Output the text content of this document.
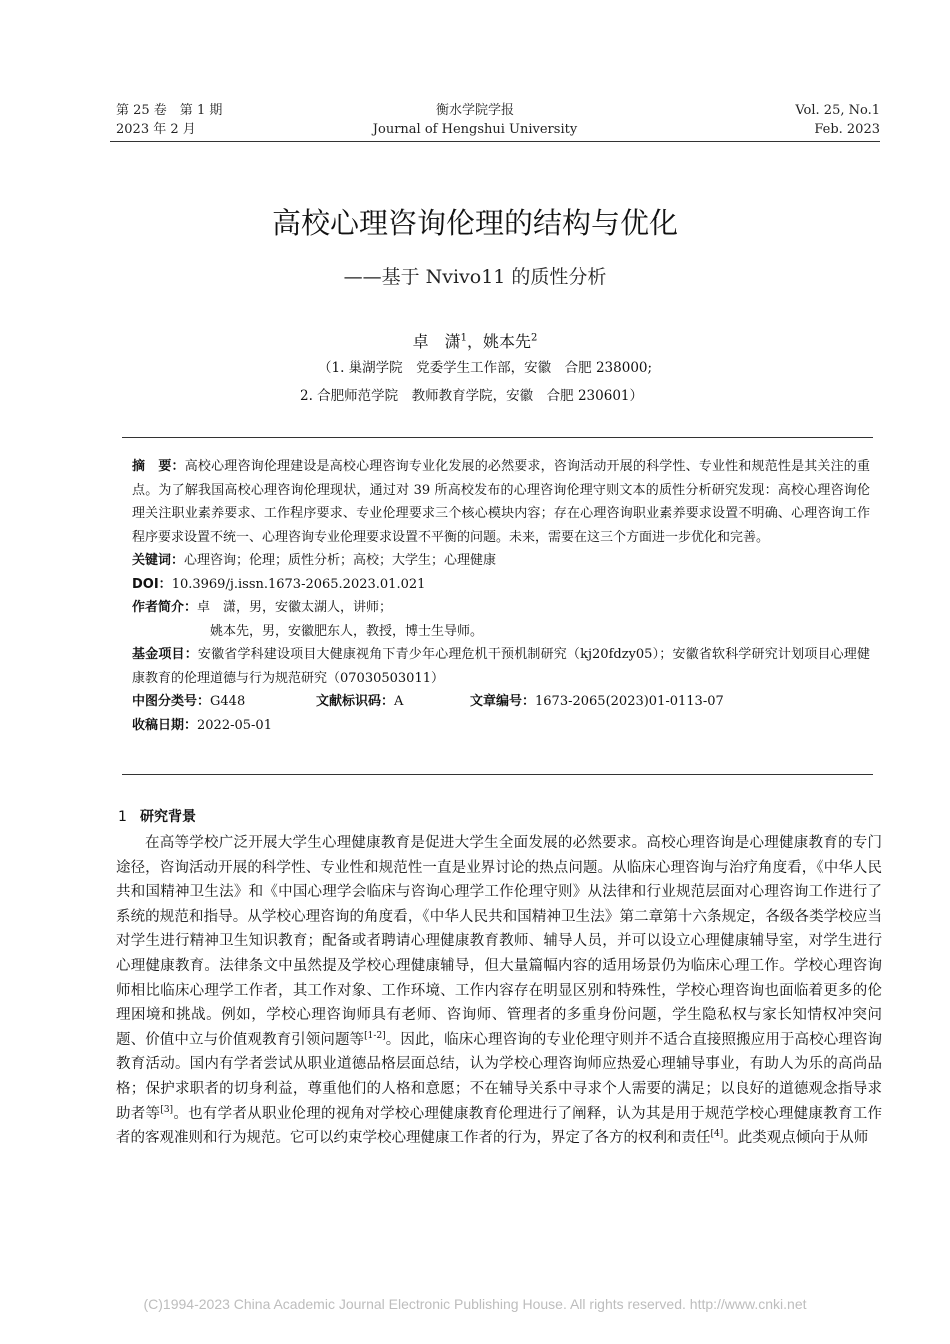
第 25 卷　第 1 期
2023 年 2 月
衡水学院学报
Journal of Hengshui University
Vol. 25, No.1
Feb. 2023
高校心理咨询伦理的结构与优化
——基于 Nvivo11 的质性分析
卓　潇$^1$，姚本先$^2$
（1. 巢湖学院　党委学生工作部，安徽　合肥 238000;
2. 合肥师范学院　教师教育学院，安徽　合肥 230601）

摘　要：高校心理咨询伦理建设是高校心理咨询专业化发展的必然要求，咨询活动开展的科学性、专业性和规范性是其关注的重点。为了解我国高校心理咨询伦理现状，通过对 39 所高校发布的心理咨询伦理守则文本的质性分析研究发现：高校心理咨询伦理关注职业素养要求、工作程序要求、专业伦理要求三个核心模块内容；存在心理咨询职业素养要求设置不明确、心理咨询工作程序要求设置不统一、心理咨询专业伦理要求设置不平衡的问题。未来，需要在这三个方面进一步优化和完善。

关键词：心理咨询；伦理；质性分析；高校；大学生；心理健康

DOI：10.3969/j.issn.1673-2065.2023.01.021

作者简介：卓　潇，男，安徽太湖人，讲师；

姚本先，男，安徽肥东人，教授，博士生导师。

基金项目：安徽省学科建设项目大健康视角下青少年心理危机干预机制研究（kj20fdzy05）；安徽省软科学研究计划项目心理健康教育的伦理道德与行为规范研究（07030503011）

中图分类号：G448	文献标识码：A	文章编号：1673-2065(2023)01-0113-07

收稿日期：2022-05-01

1 研究背景

在高等学校广泛开展大学生心理健康教育是促进大学生全面发展的必然要求。高校心理咨询是心理健康教育的专门途径，咨询活动开展的科学性、专业性和规范性一直是业界讨论的热点问题。从临床心理咨询与治疗角度看，《中华人民共和国精神卫生法》和《中国心理学会临床与咨询心理学工作伦理守则》从法律和行业规范层面对心理咨询工作进行了系统的规范和指导。从学校心理咨询的角度看，《中华人民共和国精神卫生法》第二章第十六条规定，各级各类学校应当对学生进行精神卫生知识教育；配备或者聘请心理健康教育教师、辅导人员，并可以设立心理健康辅导室，对学生进行心理健康教育。法律条文中虽然提及学校心理健康辅导，但大量篇幅内容的适用场景仍为临床心理工作。学校心理咨询师相比临床心理学工作者，其工作对象、工作环境、工作内容存在明显区别和特殊性，学校心理咨询也面临着更多的伦理困境和挑战。例如，学校心理咨询师具有老师、咨询师、管理者的多重身份问题，学生隐私权与家长知情权冲突问题、价值中立与价值观教育引领问题等[1-2]。因此，临床心理咨询的专业伦理守则并不适合直接照搬应用于高校心理咨询教育活动。国内有学者尝试从职业道德品格层面总结，认为学校心理咨询师应热爱心理辅导事业，有助人为乐的高尚品格；保护求职者的切身利益，尊重他们的人格和意愿；不在辅导关系中寻求个人需要的满足；以良好的道德观念指导求助者等[3]。也有学者从职业伦理的视角对学校心理健康教育伦理进行了阐释，认为其是用于规范学校心理健康教育工作者的客观准则和行为规范。它可以约束学校心理健康工作者的行为，界定了各方的权利和责任[4]。此类观点倾向于从师

(C)1994-2023 China Academic Journal Electronic Publishing House. All rights reserved. http://www.cnki.net
